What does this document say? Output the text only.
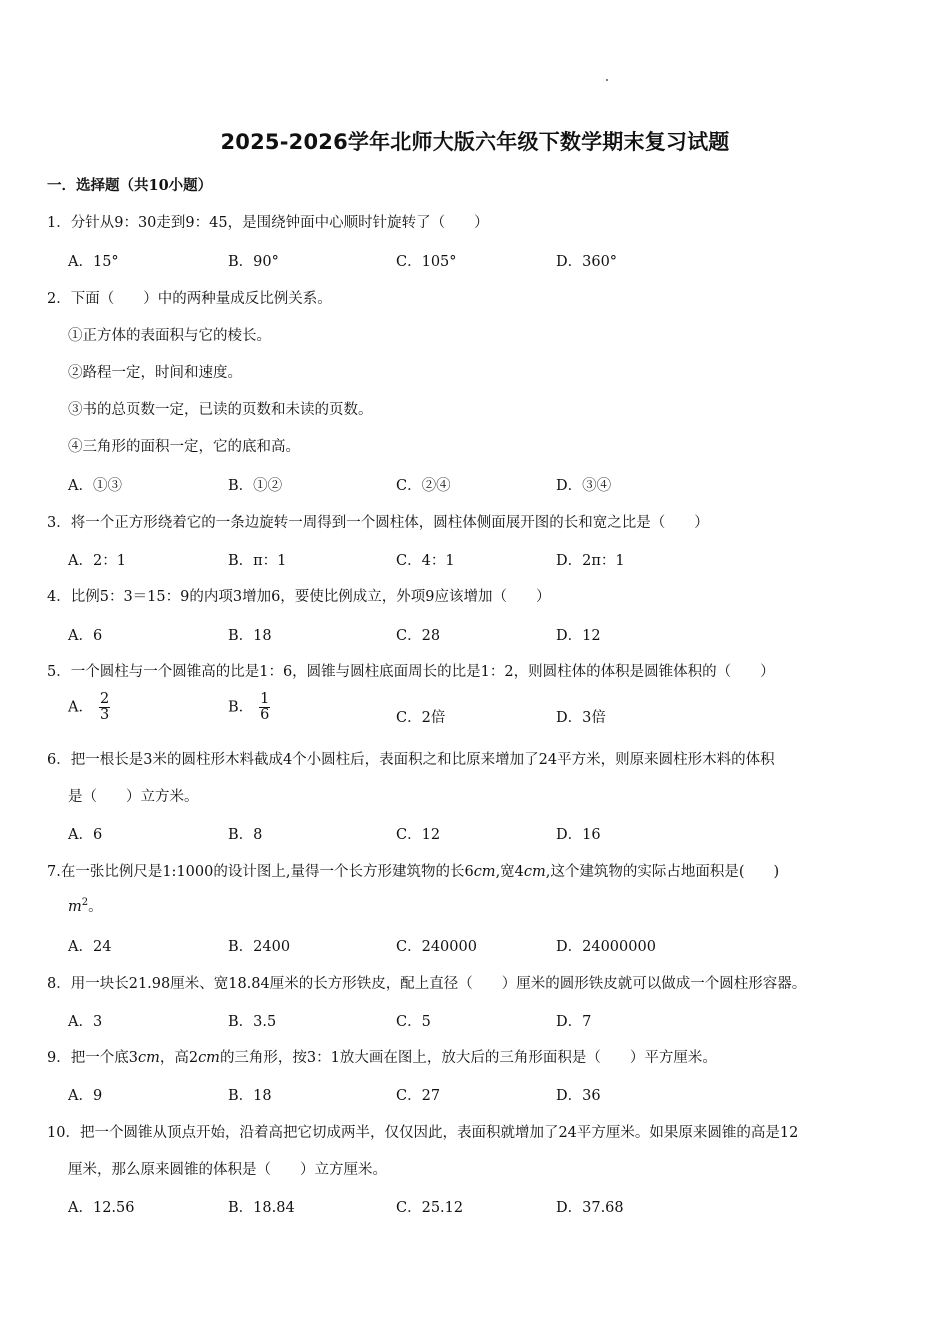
2025-2026学年北师大版六年级下数学期末复习试题
一．选择题（共10小题）
1．分针从9：30走到9：45，是围绕钟面中心顺时针旋转了（　　）
A．15°	B．90°	C．105°	D．360°
2．下面（　　）中的两种量成反比例关系。
①正方体的表面积与它的棱长。
②路程一定，时间和速度。
③书的总页数一定，已读的页数和未读的页数。
④三角形的面积一定，它的底和高。
A．①③	B．①②	C．②④	D．③④
3．将一个正方形绕着它的一条边旋转一周得到一个圆柱体，圆柱体侧面展开图的长和宽之比是（　　）
A．2：1	B．π：1	C．4：1	D．2π：1
4．比例5：3＝15：9的内项3增加6，要使比例成立，外项9应该增加（　　）
A．6	B．18	C．28	D．12
5．一个圆柱与一个圆锥高的比是1：6，圆锥与圆柱底面周长的比是1：2，则圆柱体的体积是圆锥体积的（　　）
A． $\frac{2}{3}$	B． $\frac{1}{6}$	C．2倍	D．3倍
6．把一根长是3米的圆柱形木料截成4个小圆柱后，表面积之和比原来增加了24平方米，则原来圆柱形木料的体积
是（　　）立方米。
A．6	B．8	C．12	D．16
7.在一张比例尺是1:1000的设计图上,量得一个长方形建筑物的长6cm,宽4cm,这个建筑物的实际占地面积是(　　)
$m^2$。
A．24	B．2400	C．240000	D．24000000
8．用一块长21.98厘米、宽18.84厘米的长方形铁皮，配上直径（　　）厘米的圆形铁皮就可以做成一个圆柱形容器。
A．3	B．3.5	C．5	D．7
9．把一个底3cm，高2cm的三角形，按3：1放大画在图上，放大后的三角形面积是（　　）平方厘米。
A．9	B．18	C．27	D．36
10．把一个圆锥从顶点开始，沿着高把它切成两半，仅仅因此，表面积就增加了24平方厘米。如果原来圆锥的高是12
厘米，那么原来圆锥的体积是（　　）立方厘米。
A．12.56	B．18.84	C．25.12	D．37.68
